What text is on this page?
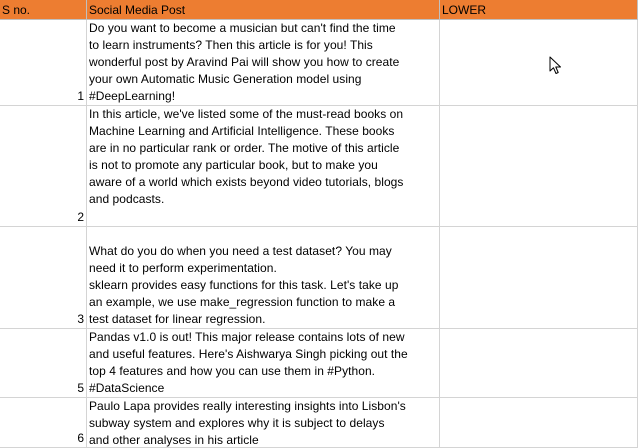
S no.	Social Media Post	LOWER
1
Do you want to become a musician but can't find the time
to learn instruments? Then this article is for you! This
wonderful post by Aravind Pai will show you how to create
your own Automatic Music Generation model using
#DeepLearning!
2
In this article, we've listed some of the must-read books on
Machine Learning and Artificial Intelligence. These books
are in no particular rank or order. The motive of this article
is not to promote any particular book, but to make you
aware of a world which exists beyond video tutorials, blogs
and podcasts.
3
What do you do when you need a test dataset? You may
need it to perform experimentation.
sklearn provides easy functions for this task. Let's take up
an example, we use make_regression function to make a
test dataset for linear regression.
5
Pandas v1.0 is out! This major release contains lots of new
and useful features. Here's Aishwarya Singh picking out the
top 4 features and how you can use them in #Python.
#DataScience
6
Paulo Lapa provides really interesting insights into Lisbon's
subway system and explores why it is subject to delays
and other analyses in his article
